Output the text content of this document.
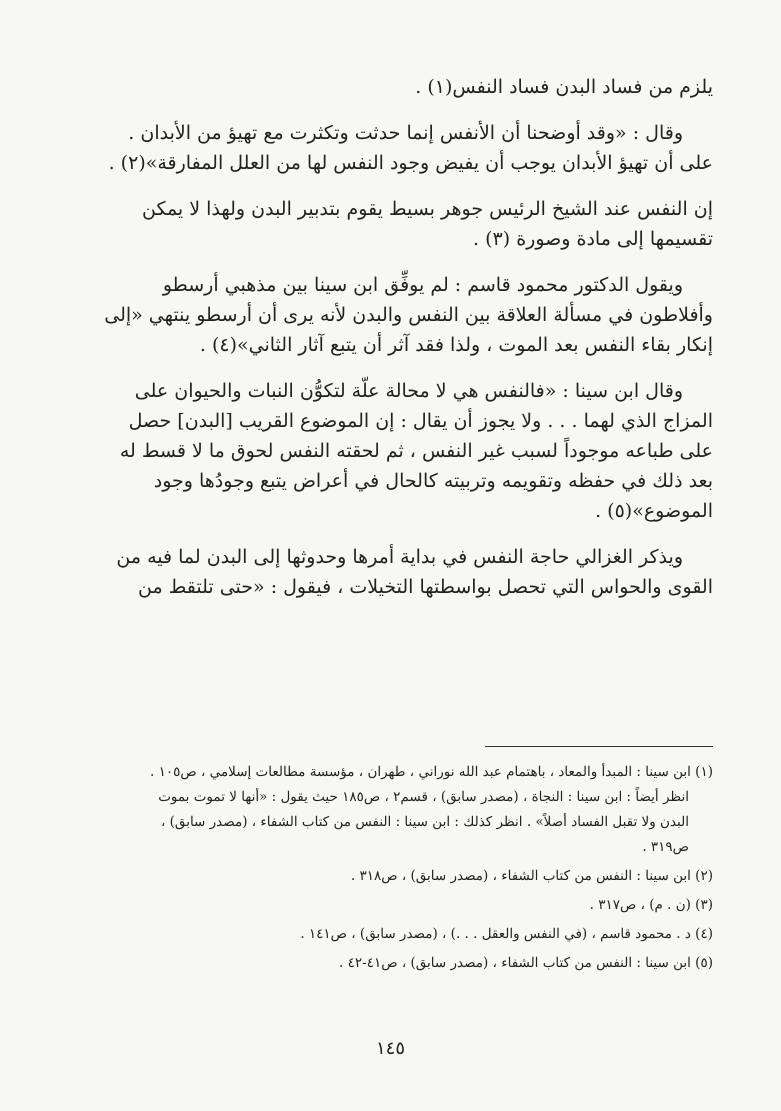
يلزم من فساد البدن فساد النفس(١) .

وقال : «وقد أوضحنا أن الأنفس إنما حدثت وتكثرت مع تهيؤ من الأبدان .
على أن تهيؤ الأبدان يوجب أن يفيض وجود النفس لها من العلل المفارقة»(٢) .

إن النفس عند الشيخ الرئيس جوهر بسيط يقوم بتدبير البدن ولهذا لا يمكن
تقسيمها إلى مادة وصورة (٣) .

ويقول الدكتور محمود قاسم : لم يوفِّق ابن سينا بين مذهبي أرسطو
وأفلاطون في مسألة العلاقة بين النفس والبدن لأنه يرى أن أرسطو ينتهي «إلى
إنكار بقاء النفس بعد الموت ، ولذا فقد آثر أن يتبع آثار الثاني»(٤) .

وقال ابن سينا : «فالنفس هي لا محالة علّة لتكوُّن النبات والحيوان على
المزاج الذي لهما . . . ولا يجوز أن يقال : إن الموضوع القريب [البدن] حصل
على طباعه موجوداً لسبب غير النفس ، ثم لحقته النفس لحوق ما لا قسط له
بعد ذلك في حفظه وتقويمه وتربيته كالحال في أعراض يتبع وجودُها وجود
الموضوع»(٥) .

ويذكر الغزالي حاجة النفس في بداية أمرها وحدوثها إلى البدن لما فيه من
القوى والحواس التي تحصل بواسطتها التخيلات ، فيقول : «حتى تلتقط من

(١) ابن سينا : المبدأ والمعاد ، باهتمام عبد الله نوراني ، طهران ، مؤسسة مطالعات إسلامي ، ص١٠٥ .
انظر أيضاً : ابن سينا : النجاة ، (مصدر سابق) ، قسم٢ ، ص١٨٥ حيث يقول : «أنها لا تموت بموت
البدن ولا تقبل الفساد أصلاً» . انظر كذلك : ابن سينا : النفس من كتاب الشفاء ، (مصدر سابق) ،
ص٣١٩ .
(٢) ابن سينا : النفس من كتاب الشفاء ، (مصدر سابق) ، ص٣١٨ .
(٣) (ن . م) ، ص٣١٧ .
(٤) د . محمود قاسم ، (في النفس والعقل . . .) ، (مصدر سابق) ، ص١٤١ .
(٥) ابن سينا : النفس من كتاب الشفاء ، (مصدر سابق) ، ص٤١-٤٢ .
١٤٥
